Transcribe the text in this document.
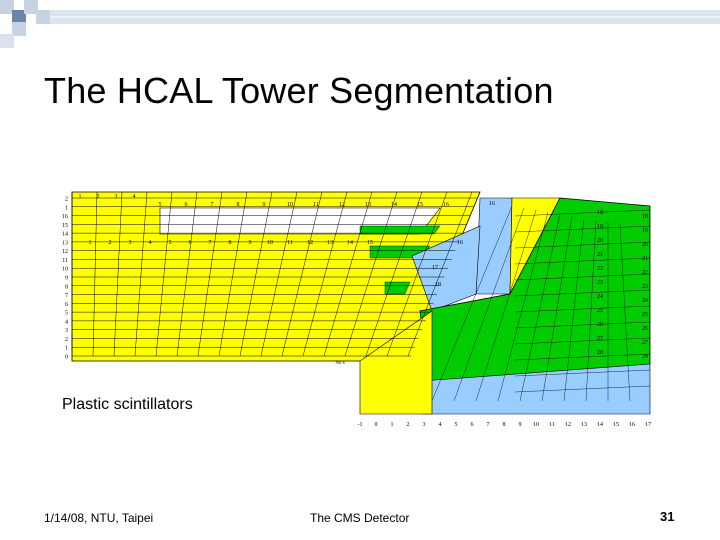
The HCAL Tower Segmentation
2
1
16
15
14
13
12
11
10
9
8
7
6
5
4
3
2
1
0
1	2	3	4
5	6	7	8	9	10	11	12	13	14	15	16
1	2	3	4	5	6	7	8	9	10 11 12 13 14 15
16
16
17
18
18
19
20
21
22
23
24
25
26
27
28
18
19
20
21
22
23
24
25
26
27
28
No s
-1 0 1 2 3 4 5 6 7 8 9 10 11 12 13 14 15 16 17
Plastic scintillators
1/14/08, NTU, Taipei	The CMS Detector	31
